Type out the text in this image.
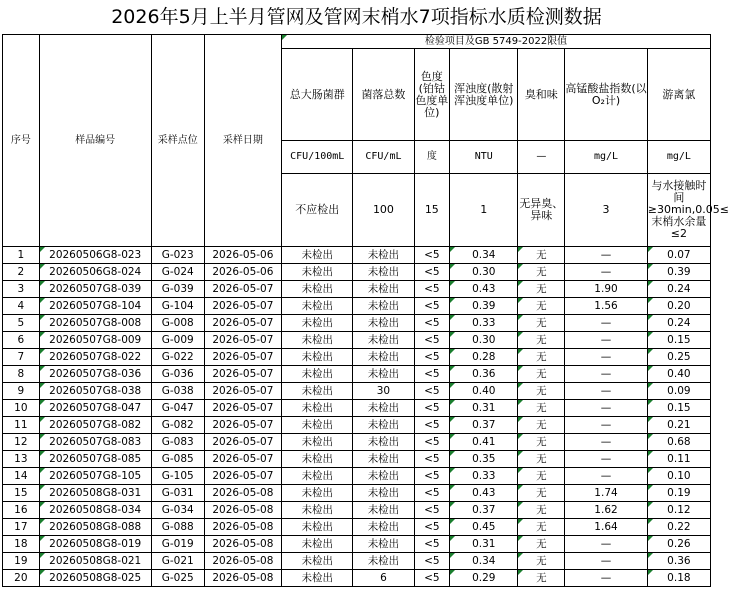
2026年5月上半月管网及管网末梢水7项指标水质检测数据
序号	样品编号	采样点位	采样日期	检验项目及GB 5749-2022限值						
				总大肠菌群	菌落总数	色度(铂钴色度单位)	浑浊度(散射浑浊度单位)	臭和味	高锰酸盐指数(以O₂计)	游离氯
				CFU/100mL	CFU/mL	度	NTU	—	mg/L	mg/L
				不应检出	100	15	1	无异臭、异味	3	与水接触时间≥30min,0.05≤末梢水余量≤2
1	20260506G8-023	G-023	2026-05-06	未检出	未检出	<5	0.34	无	—	0.07
2	20260506G8-024	G-024	2026-05-06	未检出	未检出	<5	0.30	无	—	0.39
3	20260507G8-039	G-039	2026-05-07	未检出	未检出	<5	0.43	无	1.90	0.24
4	20260507G8-104	G-104	2026-05-07	未检出	未检出	<5	0.39	无	1.56	0.20
5	20260507G8-008	G-008	2026-05-07	未检出	未检出	<5	0.33	无	—	0.24
6	20260507G8-009	G-009	2026-05-07	未检出	未检出	<5	0.30	无	—	0.15
7	20260507G8-022	G-022	2026-05-07	未检出	未检出	<5	0.28	无	—	0.25
8	20260507G8-036	G-036	2026-05-07	未检出	未检出	<5	0.36	无	—	0.40
9	20260507G8-038	G-038	2026-05-07	未检出	30	<5	0.40	无	—	0.09
10	20260507G8-047	G-047	2026-05-07	未检出	未检出	<5	0.31	无	—	0.15
11	20260507G8-082	G-082	2026-05-07	未检出	未检出	<5	0.37	无	—	0.21
12	20260507G8-083	G-083	2026-05-07	未检出	未检出	<5	0.41	无	—	0.68
13	20260507G8-085	G-085	2026-05-07	未检出	未检出	<5	0.35	无	—	0.11
14	20260507G8-105	G-105	2026-05-07	未检出	未检出	<5	0.33	无	—	0.10
15	20260508G8-031	G-031	2026-05-08	未检出	未检出	<5	0.43	无	1.74	0.19
16	20260508G8-034	G-034	2026-05-08	未检出	未检出	<5	0.37	无	1.62	0.12
17	20260508G8-088	G-088	2026-05-08	未检出	未检出	<5	0.45	无	1.64	0.22
18	20260508G8-019	G-019	2026-05-08	未检出	未检出	<5	0.31	无	—	0.26
19	20260508G8-021	G-021	2026-05-08	未检出	未检出	<5	0.34	无	—	0.36
20	20260508G8-025	G-025	2026-05-08	未检出	6	<5	0.29	无	—	0.18
